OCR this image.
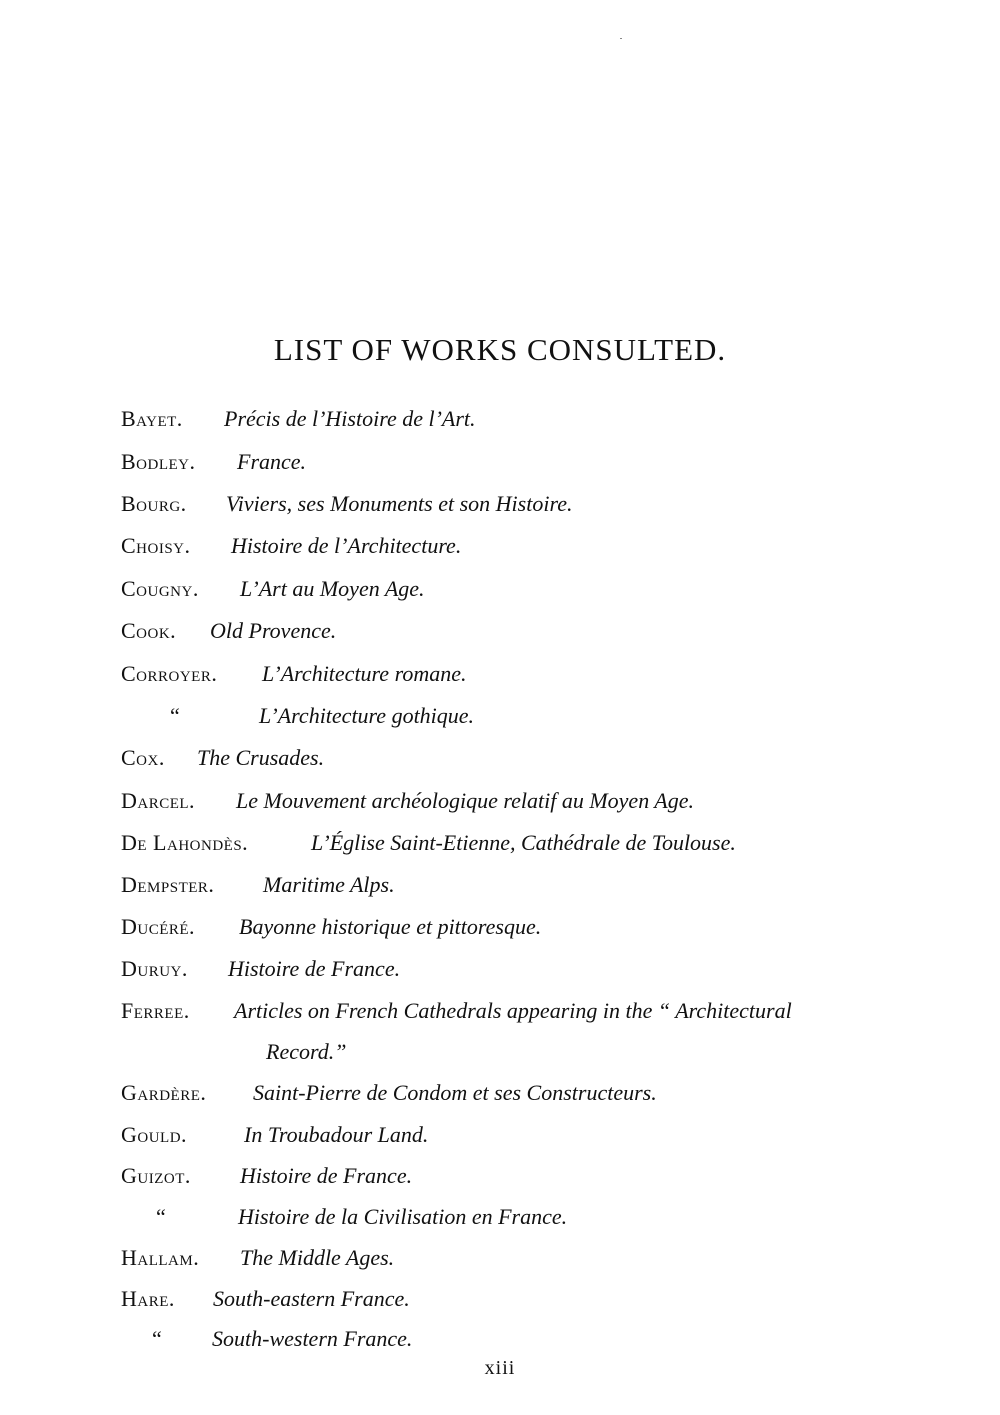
LIST OF WORKS CONSULTED.
Bayet. Précis de l’Histoire de l’Art.
Bodley. France.
Bourg. Viviers, ses Monuments et son Histoire.
Choisy. Histoire de l’Architecture.
Cougny. L’Art au Moyen Age.
Cook. Old Provence.
Corroyer. L’Architecture romane.
“	L’Architecture gothique.
Cox. The Crusades.
Darcel. Le Mouvement archéologique relatif au Moyen Age.
De Lahondès.	L’Église Saint-Etienne, Cathédrale de Toulouse.
Dempster. Maritime Alps.
Ducéré. Bayonne historique et pittoresque.
Duruy. Histoire de France.
Ferree. Articles on French Cathedrals appearing in the “ Architectural
Record.”
Gardère. Saint-Pierre de Condom et ses Constructeurs.
Gould.	In Troubadour Land.
Guizot. Histoire de France.
“	Histoire de la Civilisation en France.
Hallam. The Middle Ages.
Hare. South-eastern France.
“ South-western France.
xiii
